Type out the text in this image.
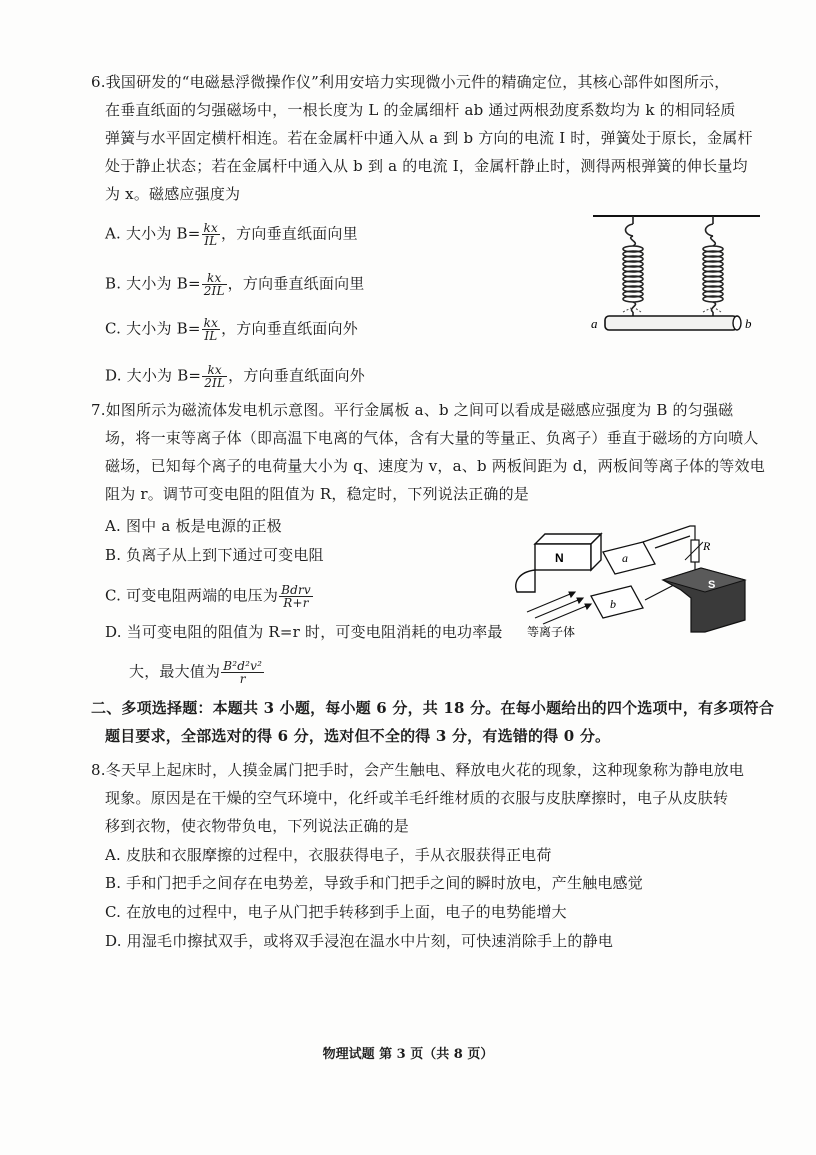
6.我国研发的“电磁悬浮微操作仪”利用安培力实现微小元件的精确定位，其核心部件如图所示，
在垂直纸面的匀强磁场中，一根长度为 L 的金属细杆 ab 通过两根劲度系数均为 k 的相同轻质
弹簧与水平固定横杆相连。若在金属杆中通入从 a 到 b 方向的电流 I 时，弹簧处于原长，金属杆
处于静止状态；若在金属杆中通入从 b 到 a 的电流 I，金属杆静止时，测得两根弹簧的伸长量均
为 x。磁感应强度为
A. 大小为 $B= \frac{kx}{IL}$ ，方向垂直纸面向里
B. 大小为 $B= \frac{kx}{2IL}$ ，方向垂直纸面向里
C. 大小为 $B= \frac{kx}{IL}$ ，方向垂直纸面向外
D. 大小为 $B= \frac{kx}{2IL}$ ，方向垂直纸面向外
a	b
7.如图所示为磁流体发电机示意图。平行金属板 a、b 之间可以看成是磁感应强度为 B 的匀强磁
场，将一束等离子体（即高温下电离的气体，含有大量的等量正、负离子）垂直于磁场的方向喷人
磁场，已知每个离子的电荷量大小为 q、速度为 v，a、b 两板间距为 d，两板间等离子体的等效电
阻为 r。调节可变电阻的阻值为 R，稳定时，下列说法正确的是
A. 图中 a 板是电源的正极
B. 负离子从上到下通过可变电阻
C. 可变电阻两端的电压为 $\frac{\text{Bdrv}}{R+r}$
D. 当可变电阻的阻值为 R=r 时，可变电阻消耗的电功率最
大，最大值为 $\frac{\text{B²d²v²}}{r}$
N	a
b
R
S
等离子体
二、多项选择题：本题共 3 小题，每小题 6 分，共 18 分。在每小题给出的四个选项中，有多项符合
题目要求，全部选对的得 6 分，选对但不全的得 3 分，有选错的得 0 分。
8.冬天早上起床时，人摸金属门把手时，会产生触电、释放电火花的现象，这种现象称为静电放电
现象。原因是在干燥的空气环境中，化纤或羊毛纤维材质的衣服与皮肤摩擦时，电子从皮肤转
移到衣物，使衣物带负电，下列说法正确的是
A. 皮肤和衣服摩擦的过程中，衣服获得电子，手从衣服获得正电荷
B. 手和门把手之间存在电势差，导致手和门把手之间的瞬时放电，产生触电感觉
C. 在放电的过程中，电子从门把手转移到手上面，电子的电势能增大
D. 用湿毛巾擦拭双手，或将双手浸泡在温水中片刻，可快速消除手上的静电
物理试题 第 3 页（共 8 页）
